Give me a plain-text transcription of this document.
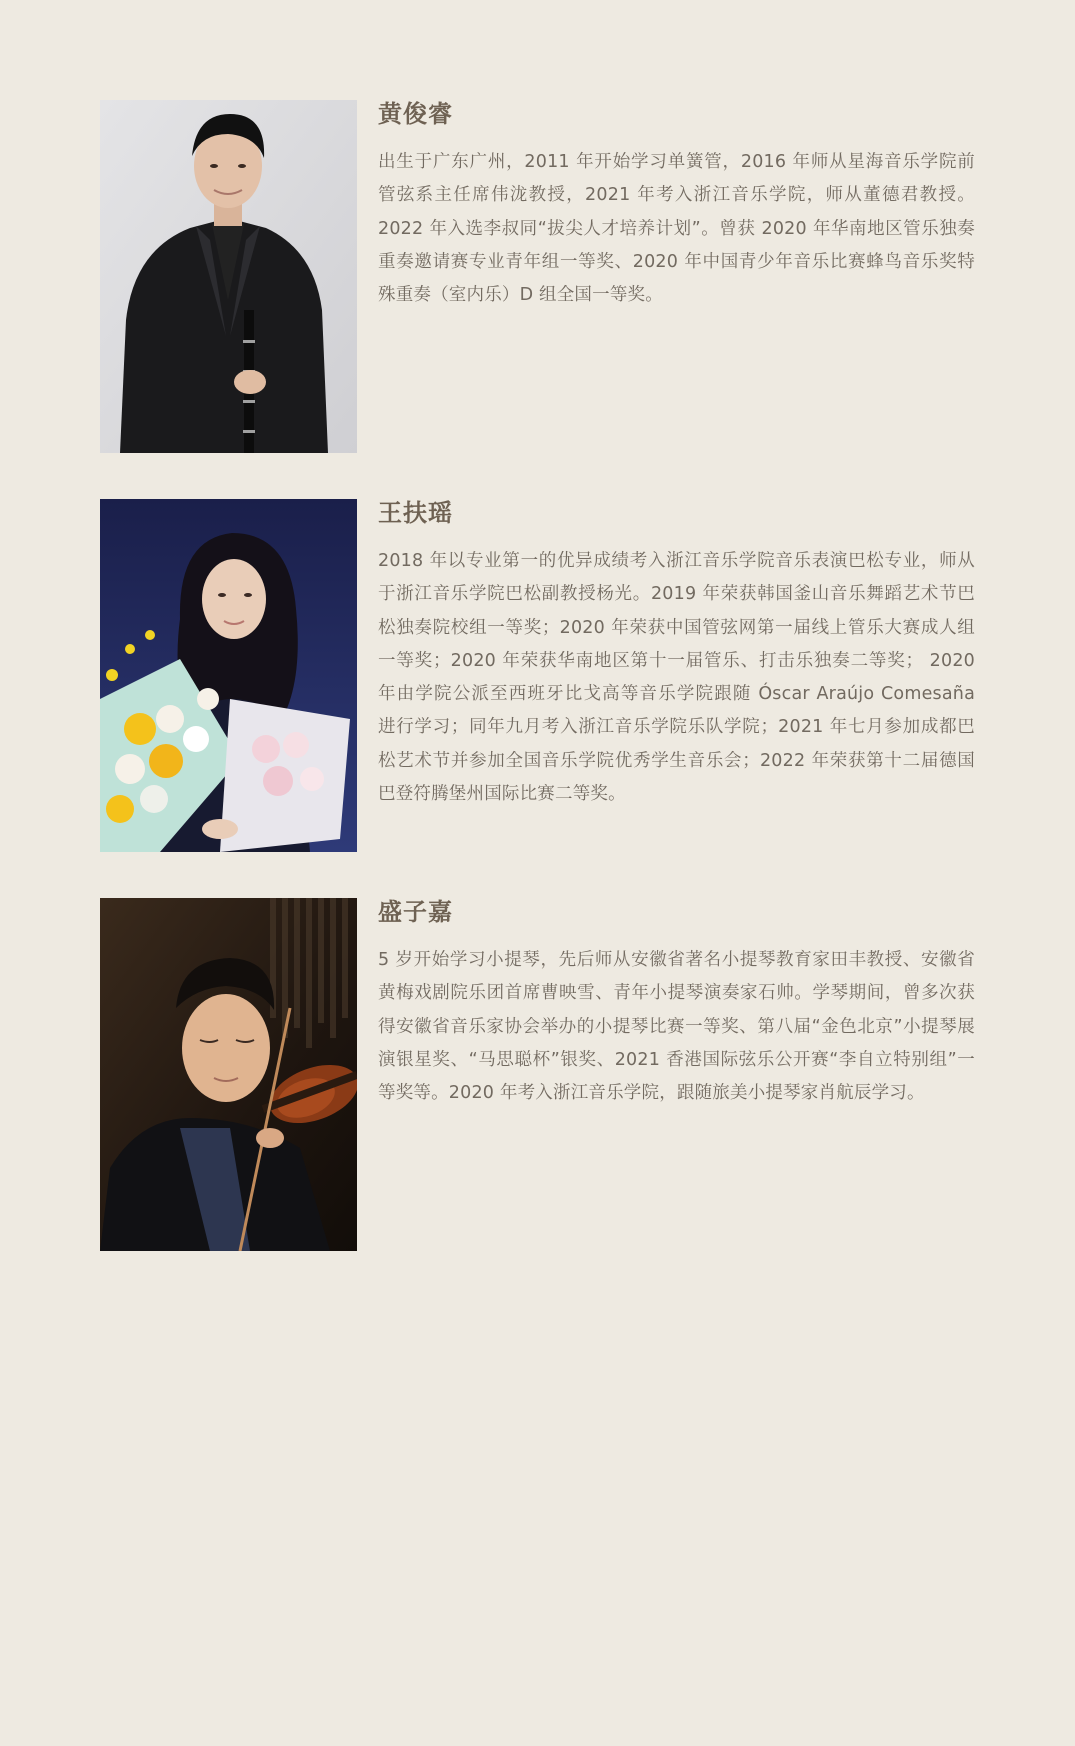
黄俊睿

出生于广东广州，2011 年开始学习单簧管，2016 年师从星海音乐学院前管弦系主任席伟泷教授，2021 年考入浙江音乐学院，师从董德君教授。2022 年入选李叔同“拔尖人才培养计划”。曾获 2020 年华南地区管乐独奏重奏邀请赛专业青年组一等奖、2020 年中国青少年音乐比赛蜂鸟音乐奖特殊重奏（室内乐）D 组全国一等奖。

王扶瑶

2018 年以专业第一的优异成绩考入浙江音乐学院音乐表演巴松专业，师从于浙江音乐学院巴松副教授杨光。2019 年荣获韩国釜山音乐舞蹈艺术节巴松独奏院校组一等奖；2020 年荣获中国管弦网第一届线上管乐大赛成人组一等奖；2020 年荣获华南地区第十一届管乐、打击乐独奏二等奖； 2020 年由学院公派至西班牙比戈高等音乐学院跟随 Óscar Araújo Comesaña 进行学习；同年九月考入浙江音乐学院乐队学院；2021 年七月参加成都巴松艺术节并参加全国音乐学院优秀学生音乐会；2022 年荣获第十二届德国巴登符腾堡州国际比赛二等奖。

盛子嘉

5 岁开始学习小提琴，先后师从安徽省著名小提琴教育家田丰教授、安徽省黄梅戏剧院乐团首席曹映雪、青年小提琴演奏家石帅。学琴期间，曾多次获得安徽省音乐家协会举办的小提琴比赛一等奖、第八届“金色北京”小提琴展演银星奖、“马思聪杯”银奖、2021 香港国际弦乐公开赛“李自立特别组”一等奖等。2020 年考入浙江音乐学院，跟随旅美小提琴家肖航辰学习。
